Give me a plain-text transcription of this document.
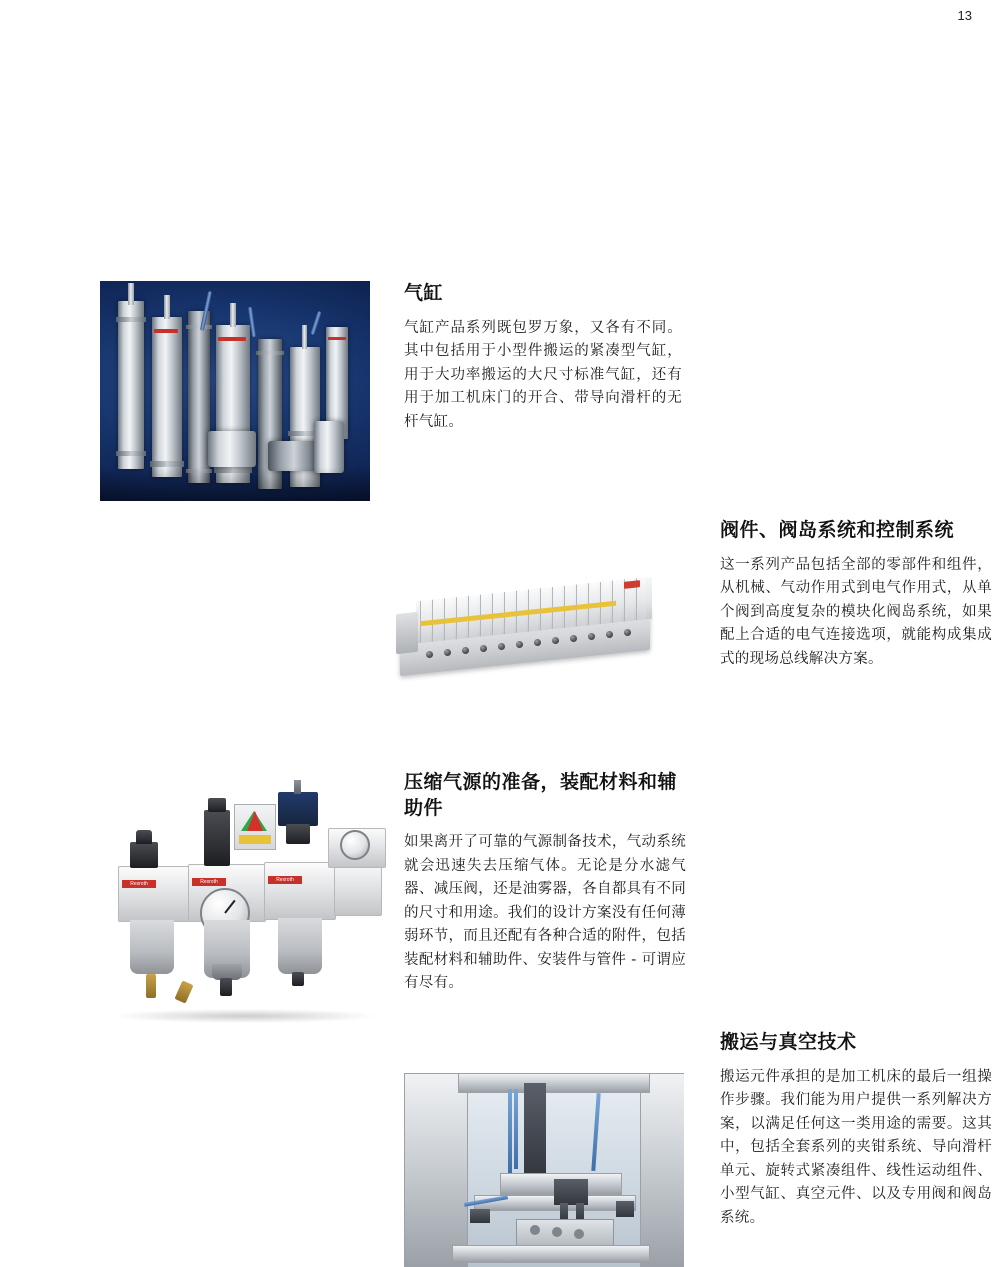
13
气缸

气缸产品系列既包罗万象，又各有不同。其中包括用于小型件搬运的紧凑型气缸，用于大功率搬运的大尺寸标准气缸，还有用于加工机床门的开合、带导向滑杆的无杆气缸。

阀件、阀岛系统和控制系统

这一系列产品包括全部的零部件和组件，从机械、气动作用式到电气作用式，从单个阀到高度复杂的模块化阀岛系统，如果配上合适的电气连接选项，就能构成集成式的现场总线解决方案。

Rexroth	Rexroth	Rexroth
压缩气源的准备，装配材料和辅助件

如果离开了可靠的气源制备技术，气动系统就会迅速失去压缩气体。无论是分水滤气器、减压阀，还是油雾器，各自都具有不同的尺寸和用途。我们的设计方案没有任何薄弱环节，而且还配有各种合适的附件，包括装配材料和辅助件、安装件与管件 - 可谓应有尽有。

搬运与真空技术

搬运元件承担的是加工机床的最后一组操作步骤。我们能为用户提供一系列解决方案，以满足任何这一类用途的需要。这其中，包括全套系列的夹钳系统、导向滑杆单元、旋转式紧凑组件、线性运动组件、小型气缸、真空元件、以及专用阀和阀岛系统。
